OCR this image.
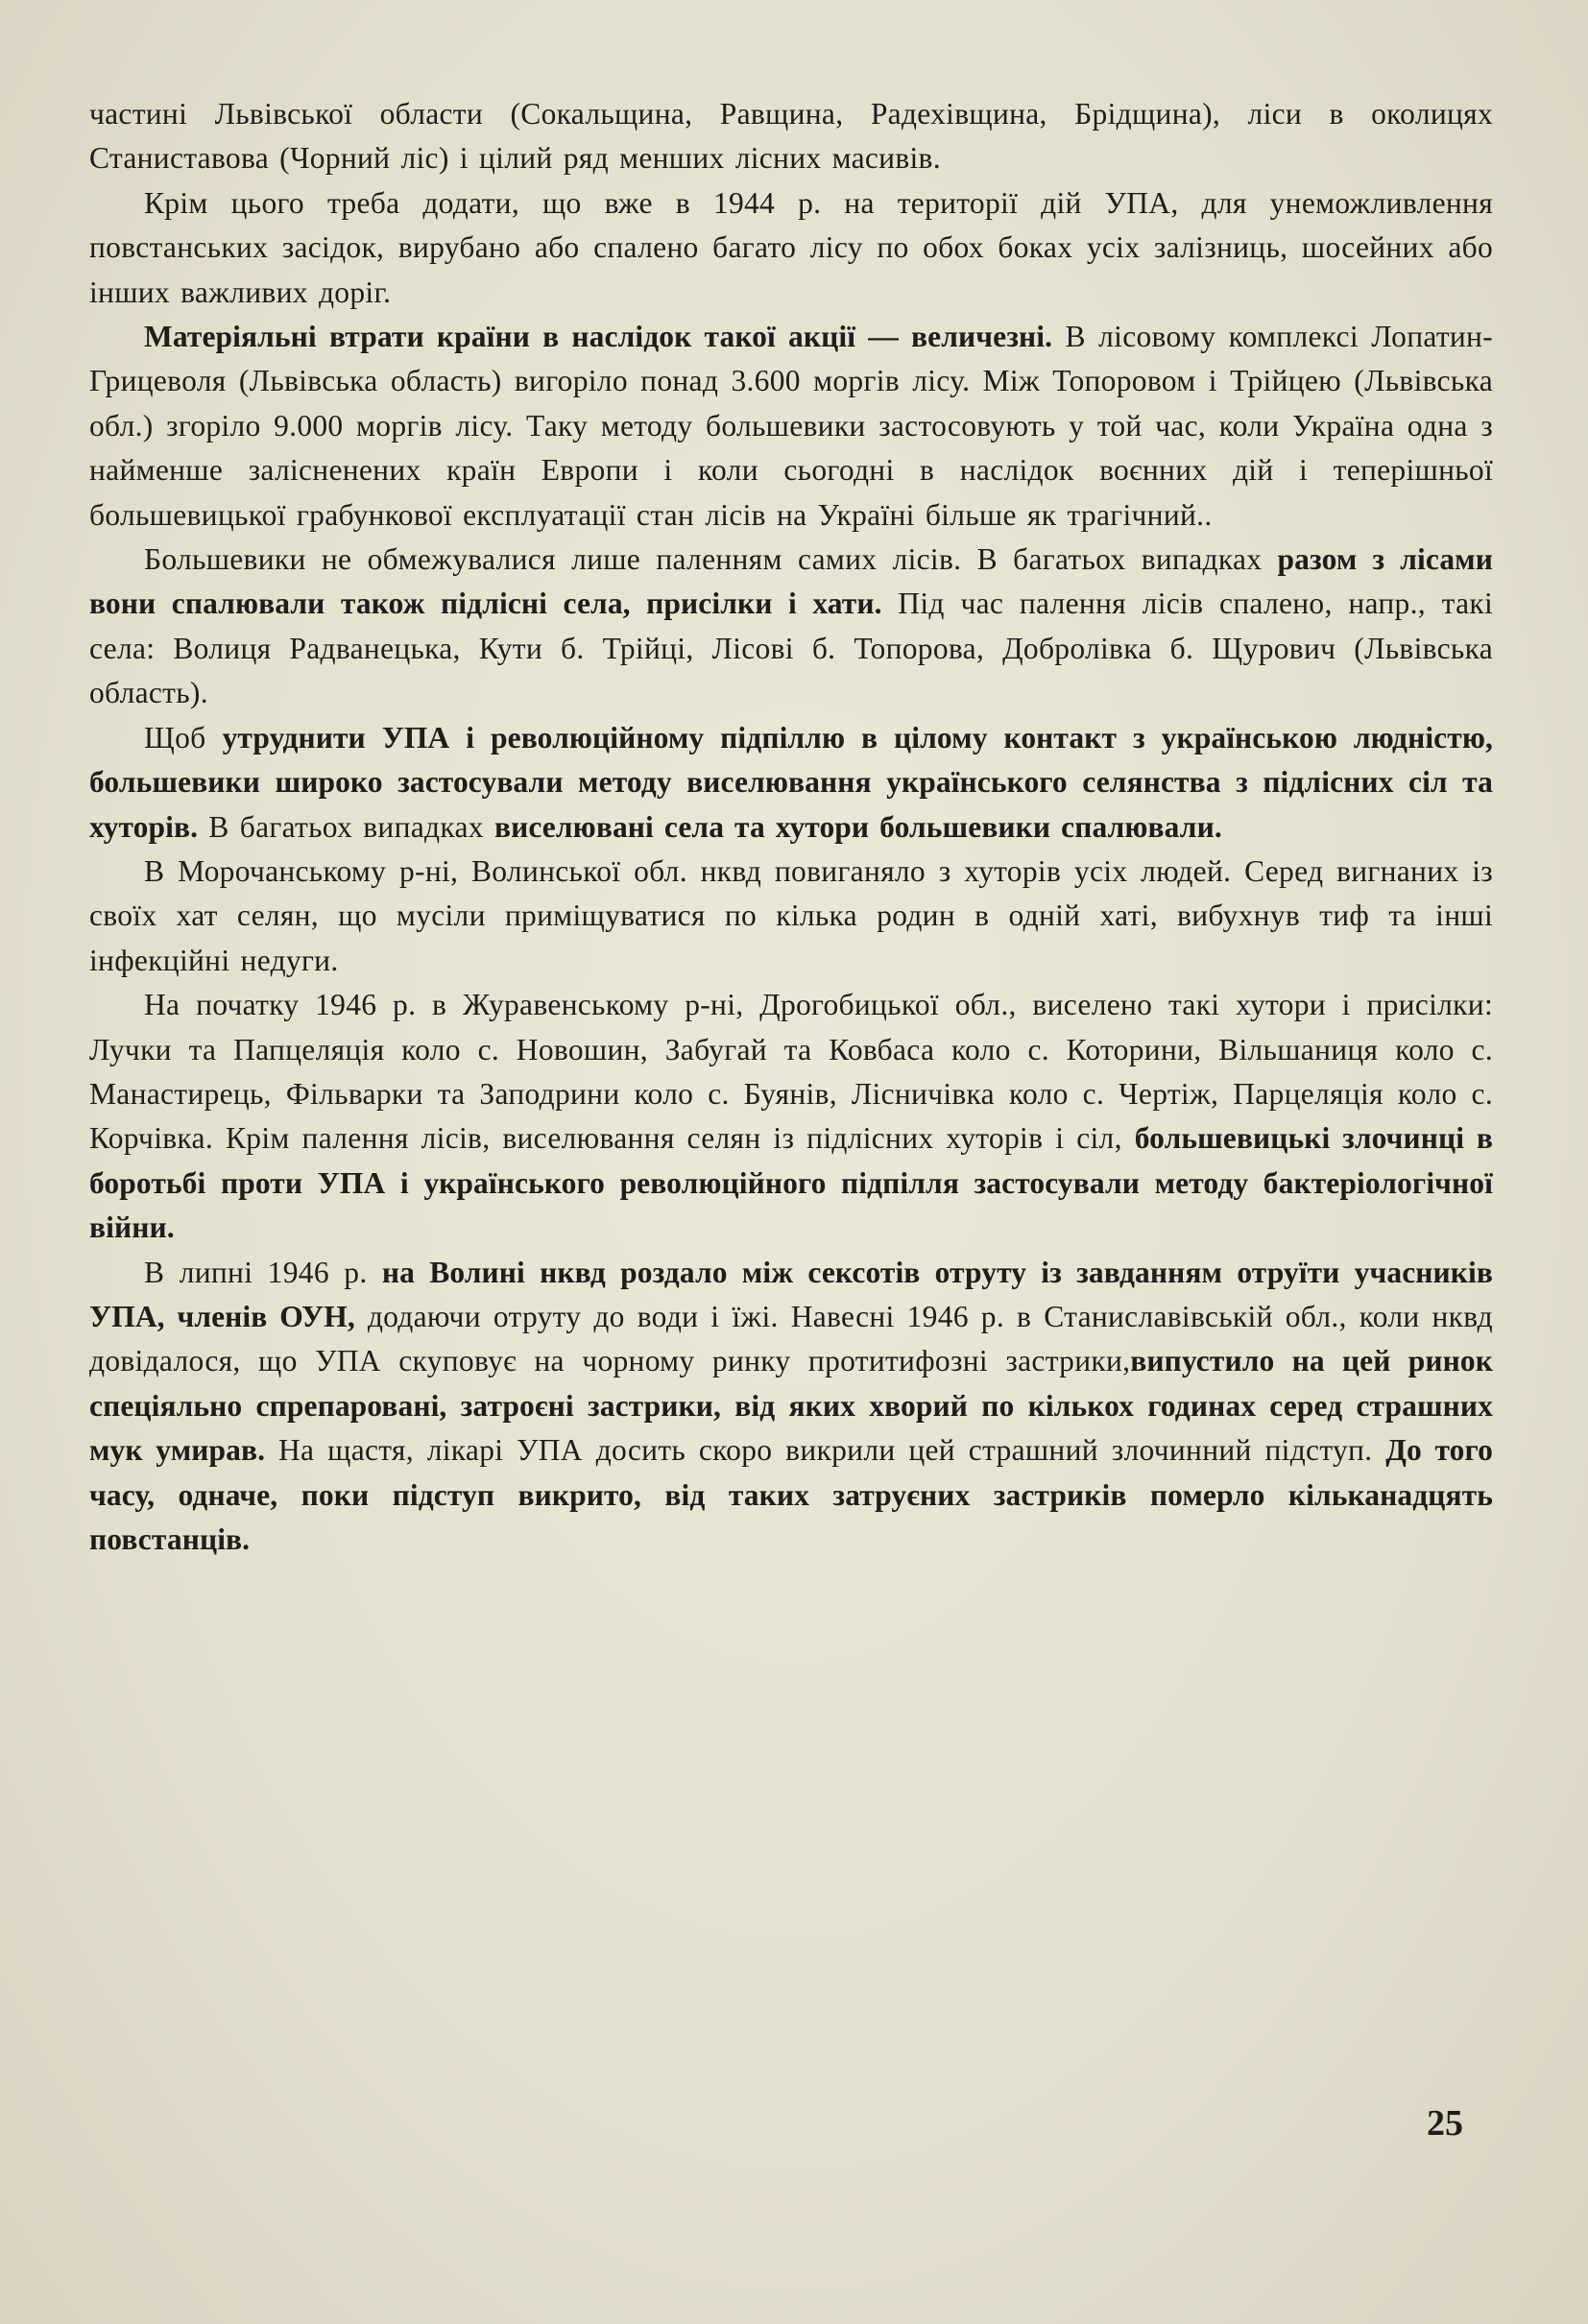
частині Львівської области (Сокальщина, Равщина, Радехівщина, Брідщина), ліси в околицях Станиставова (Чорний ліс) і цілий ряд менших лісних масивів.

Крім цього треба додати, що вже в 1944 р. на території дій УПА, для унеможливлення повстанських засідок, вирубано або спалено багато лісу по обох боках усіх залізниць, шосейних або інших важливих доріг.

Матеріяльні втрати країни в наслідок такої акції — величезні. В лісовому комплексі Лопатин-Грицеволя (Львівська область) вигоріло понад 3.600 моргів лісу. Між Топоровом і Трійцею (Львівська обл.) згоріло 9.000 моргів лісу. Таку методу большевики застосовують у той час, коли Україна одна з найменше залісненених країн Европи і коли сьогодні в наслідок воєнних дій і теперішньої большевицької грабункової експлуатації стан лісів на Україні більше як трагічний..

Большевики не обмежувалися лише паленням самих лісів. В багатьох випадках разом з лісами вони спалювали також підлісні села, присілки і хати. Під час палення лісів спалено, напр., такі села: Волиця Радванецька, Кути б. Трійці, Лісові б. Топорова, Добролівка б. Щурович (Львівська область).

Щоб утруднити УПА і революційному підпіллю в цілому контакт з українською людністю, большевики широко застосували методу виселювання українського селянства з підлісних сіл та хуторів. В багатьох випадках виселювані села та хутори большевики спалювали.

В Морочанському р-ні, Волинської обл. нквд повиганяло з хуторів усіх людей. Серед вигнаних із своїх хат селян, що мусіли приміщуватися по кілька родин в одній хаті, вибухнув тиф та інші інфекційні недуги.

На початку 1946 р. в Журавенському р-ні, Дрогобицької обл., виселено такі хутори і присілки: Лучки та Папцеляція коло с. Новошин, Забугай та Ковбаса коло с. Которини, Вільшаниця коло с. Манастирець, Фільварки та Заподрини коло с. Буянів, Лісничівка коло с. Чертіж, Парцеляція коло с. Корчівка. Крім палення лісів, виселювання селян із підлісних хуторів і сіл, большевицькі злочинці в боротьбі проти УПА і українського революційного підпілля застосували методу бактеріологічної війни.

В липні 1946 р. на Волині нквд роздало між сексотів отруту із завданням отруїти учасників УПА, членів ОУН, додаючи отруту до води і їжі. Навесні 1946 р. в Станиславівській обл., коли нквд довідалося, що УПА скуповує на чорному ринку протитифозні застрики,випустило на цей ринок спеціяльно спрепаровані, затроєні застрики, від яких хворий по кількох годинах серед страшних мук умирав. На щастя, лікарі УПА досить скоро викрили цей страшний злочинний підступ. До того часу, одначе, поки підступ викрито, від таких затруєних застриків померло кільканадцять повстанців.

25
